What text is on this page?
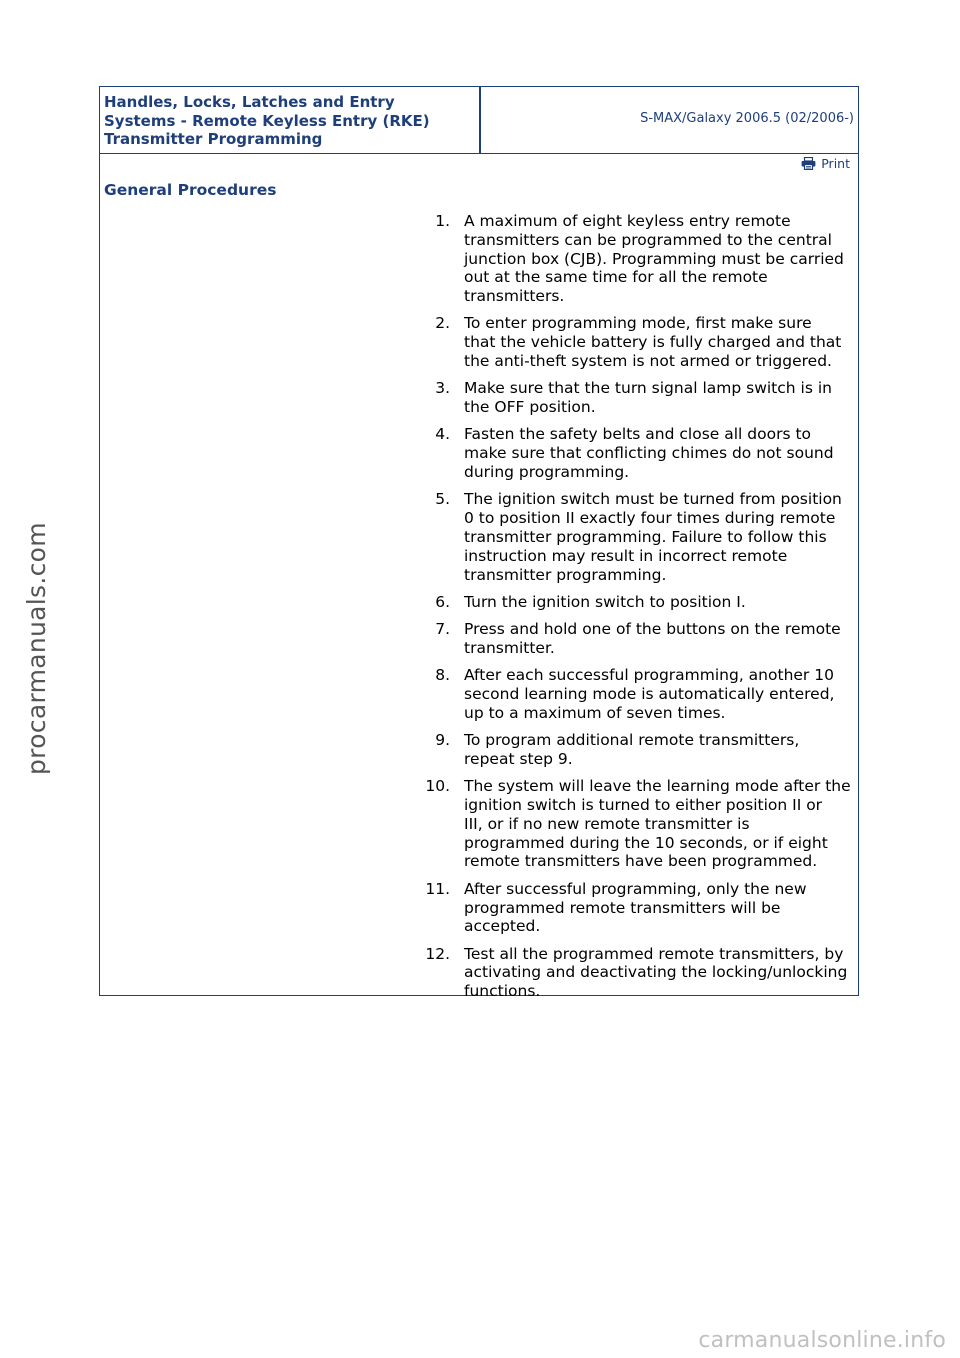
Handles, Locks, Latches and Entry
Systems - Remote Keyless Entry (RKE)
Transmitter Programming
S-MAX/Galaxy 2006.5 (02/2006-)
Print
General Procedures
1. A maximum of eight keyless entry remote
transmitters can be programmed to the central
junction box (CJB). Programming must be carried
out at the same time for all the remote
transmitters.
2. To enter programming mode, first make sure
that the vehicle battery is fully charged and that
the anti-theft system is not armed or triggered.
3. Make sure that the turn signal lamp switch is in
the OFF position.
4. Fasten the safety belts and close all doors to
make sure that conflicting chimes do not sound
during programming.
5. The ignition switch must be turned from position
0 to position II exactly four times during remote
transmitter programming. Failure to follow this
instruction may result in incorrect remote
transmitter programming.
6. Turn the ignition switch to position I.
7. Press and hold one of the buttons on the remote
transmitter.
8. After each successful programming, another 10
second learning mode is automatically entered,
up to a maximum of seven times.
9. To program additional remote transmitters,
repeat step 9.
10. The system will leave the learning mode after the
ignition switch is turned to either position II or
III, or if no new remote transmitter is
programmed during the 10 seconds, or if eight
remote transmitters have been programmed.
11. After successful programming, only the new
programmed remote transmitters will be
accepted.
12. Test all the programmed remote transmitters, by
activating and deactivating the locking/unlocking
functions.
procarmanuals.com
carmanualsonline.info
